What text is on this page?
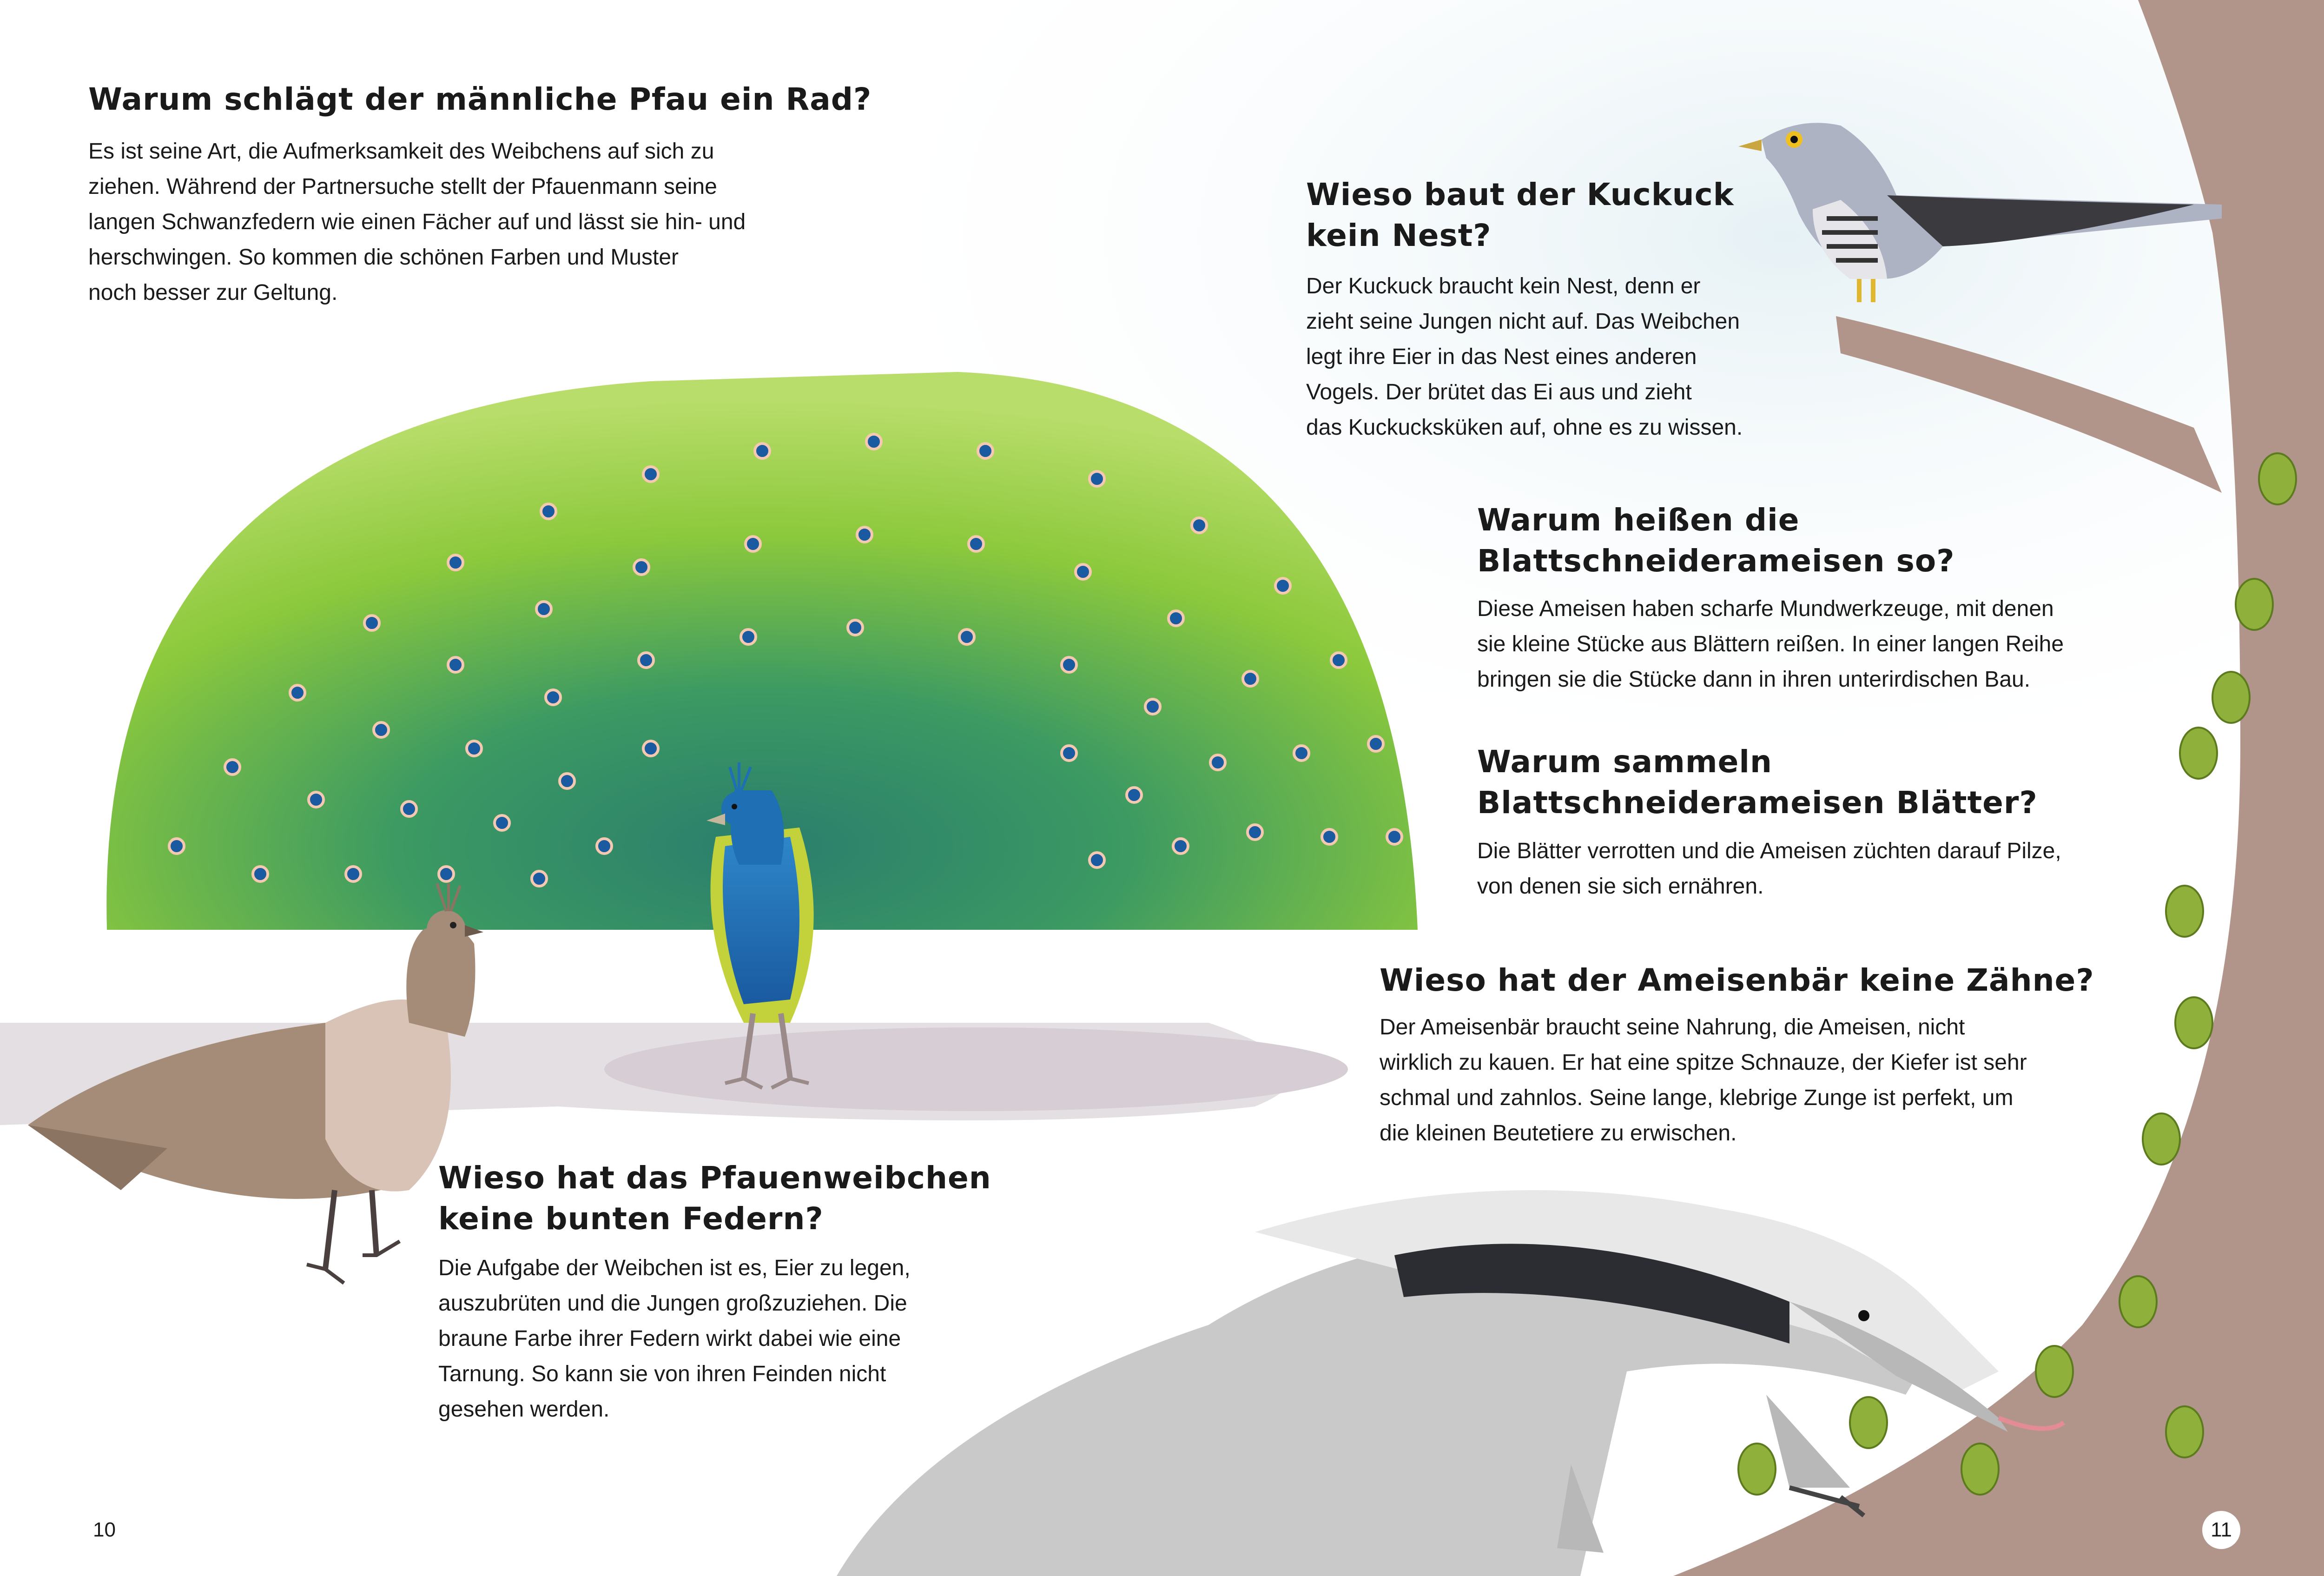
Warum schlägt der männliche Pfau ein Rad?
Es ist seine Art, die Aufmerksamkeit des Weibchens auf sich zu
ziehen. Während der Partnersuche stellt der Pfauenmann seine
langen Schwanzfedern wie einen Fächer auf und lässt sie hin- und
herschwingen. So kommen die schönen Farben und Muster
noch besser zur Geltung.
Wieso baut der Kuckuck
kein Nest?
Der Kuckuck braucht kein Nest, denn er
zieht seine Jungen nicht auf. Das Weibchen
legt ihre Eier in das Nest eines anderen
Vogels. Der brütet das Ei aus und zieht
das Kuckucksküken auf, ohne es zu wissen.
Warum heißen die
Blattschneiderameisen so?
Diese Ameisen haben scharfe Mundwerkzeuge, mit denen
sie kleine Stücke aus Blättern reißen. In einer langen Reihe
bringen sie die Stücke dann in ihren unterirdischen Bau.
Warum sammeln
Blattschneiderameisen Blätter?
Die Blätter verrotten und die Ameisen züchten darauf Pilze,
von denen sie sich ernähren.
Wieso hat der Ameisenbär keine Zähne?
Der Ameisenbär braucht seine Nahrung, die Ameisen, nicht
wirklich zu kauen. Er hat eine spitze Schnauze, der Kiefer ist sehr
schmal und zahnlos. Seine lange, klebrige Zunge ist perfekt, um
die kleinen Beutetiere zu erwischen.
Wieso hat das Pfauenweibchen
keine bunten Federn?
Die Aufgabe der Weibchen ist es, Eier zu legen,
auszubrüten und die Jungen großzuziehen. Die
braune Farbe ihrer Federn wirkt dabei wie eine
Tarnung. So kann sie von ihren Feinden nicht
gesehen werden.
10	11
